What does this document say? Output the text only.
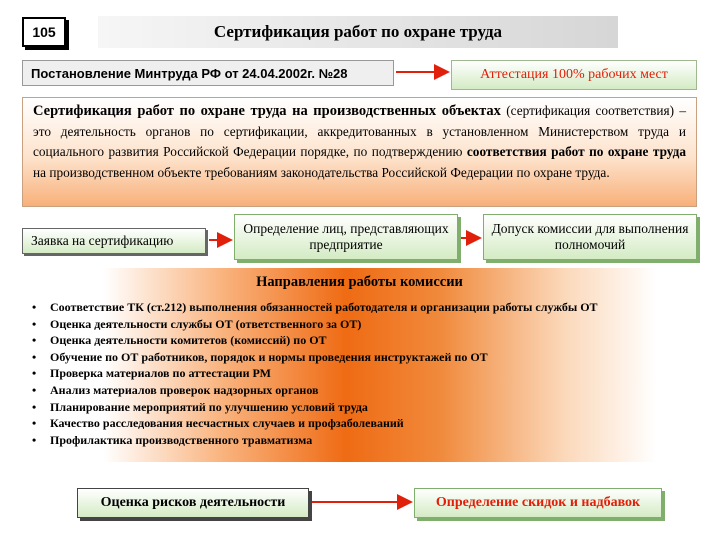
105	Сертификация работ по охране труда
Постановление Минтруда РФ от 24.04.2002г. №28	Аттестация 100% рабочих мест
Сертификация работ по охране труда на производственных объектах (сертификация соответствия) – это деятельность органов по сертификации, аккредитованных в установленном Министерством труда и социального развития Российской Федерации порядке, по подтверждению соответствия работ по охране труда на производственном объекте требованиям законодательства Российской Федерации по охране труда.
Заявка на сертификацию
Определение лиц, представляющих предприятие
Допуск комиссии для выполнения полномочий
Направления работы комиссии
•	Соответствие ТК (ст.212) выполнения обязанностей работодателя и организации работы службы ОТ
•	Оценка деятельности службы ОТ (ответственного за ОТ)
•	Оценка деятельности комитетов (комиссий) по ОТ
•	Обучение по ОТ работников, порядок и нормы проведения инструктажей по ОТ
•	Проверка материалов по аттестации РМ
•	Анализ материалов проверок надзорных органов
•	Планирование мероприятий по улучшению условий труда
•	Качество расследования несчастных случаев и профзаболеваний
•	Профилактика производственного травматизма
Оценка рисков деятельности	Определение скидок и надбавок
